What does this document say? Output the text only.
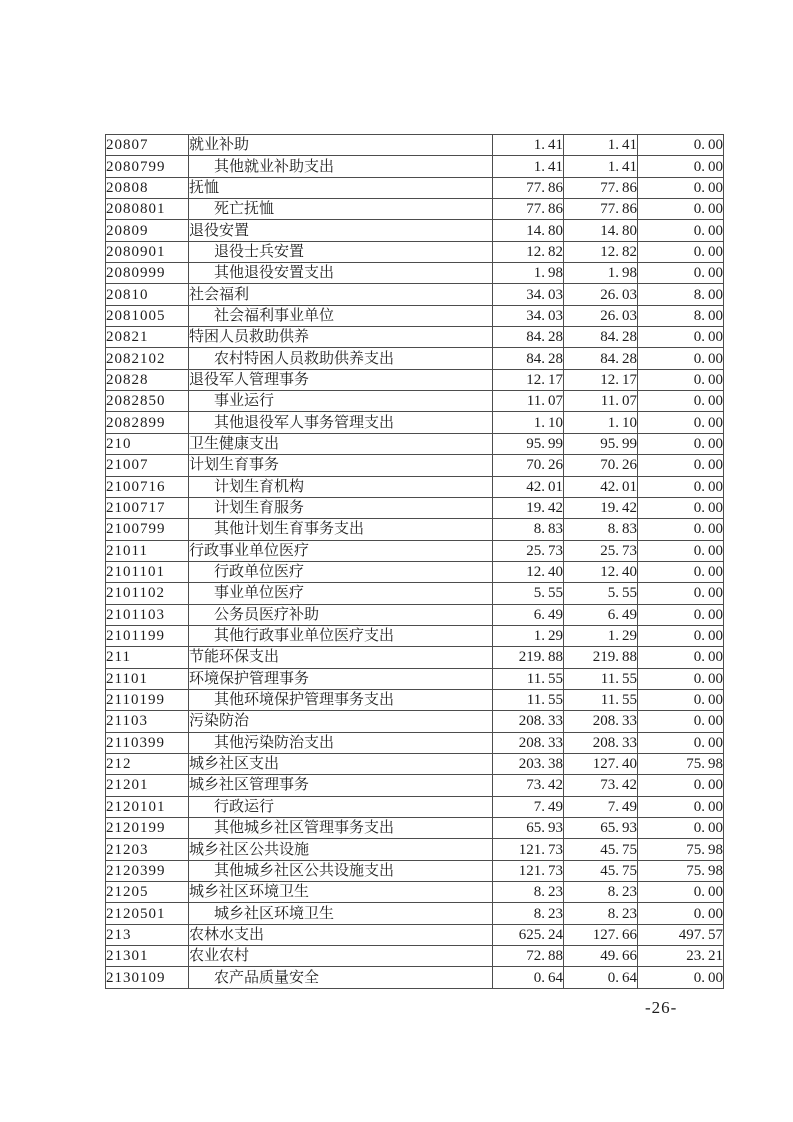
20807	就业补助	1. 41	1. 41	0. 00
2080799	其他就业补助支出	1. 41	1. 41	0. 00
20808	抚恤	77. 86	77. 86	0. 00
2080801	死亡抚恤	77. 86	77. 86	0. 00
20809	退役安置	14. 80	14. 80	0. 00
2080901	退役士兵安置	12. 82	12. 82	0. 00
2080999	其他退役安置支出	1. 98	1. 98	0. 00
20810	社会福利	34. 03	26. 03	8. 00
2081005	社会福利事业单位	34. 03	26. 03	8. 00
20821	特困人员救助供养	84. 28	84. 28	0. 00
2082102	农村特困人员救助供养支出	84. 28	84. 28	0. 00
20828	退役军人管理事务	12. 17	12. 17	0. 00
2082850	事业运行	11. 07	11. 07	0. 00
2082899	其他退役军人事务管理支出	1. 10	1. 10	0. 00
210	卫生健康支出	95. 99	95. 99	0. 00
21007	计划生育事务	70. 26	70. 26	0. 00
2100716	计划生育机构	42. 01	42. 01	0. 00
2100717	计划生育服务	19. 42	19. 42	0. 00
2100799	其他计划生育事务支出	8. 83	8. 83	0. 00
21011	行政事业单位医疗	25. 73	25. 73	0. 00
2101101	行政单位医疗	12. 40	12. 40	0. 00
2101102	事业单位医疗	5. 55	5. 55	0. 00
2101103	公务员医疗补助	6. 49	6. 49	0. 00
2101199	其他行政事业单位医疗支出	1. 29	1. 29	0. 00
211	节能环保支出	219. 88	219. 88	0. 00
21101	环境保护管理事务	11. 55	11. 55	0. 00
2110199	其他环境保护管理事务支出	11. 55	11. 55	0. 00
21103	污染防治	208. 33	208. 33	0. 00
2110399	其他污染防治支出	208. 33	208. 33	0. 00
212	城乡社区支出	203. 38	127. 40	75. 98
21201	城乡社区管理事务	73. 42	73. 42	0. 00
2120101	行政运行	7. 49	7. 49	0. 00
2120199	其他城乡社区管理事务支出	65. 93	65. 93	0. 00
21203	城乡社区公共设施	121. 73	45. 75	75. 98
2120399	其他城乡社区公共设施支出	121. 73	45. 75	75. 98
21205	城乡社区环境卫生	8. 23	8. 23	0. 00
2120501	城乡社区环境卫生	8. 23	8. 23	0. 00
213	农林水支出	625. 24	127. 66	497. 57
21301	农业农村	72. 88	49. 66	23. 21
2130109	农产品质量安全	0. 64	0. 64	0. 00
-26-
